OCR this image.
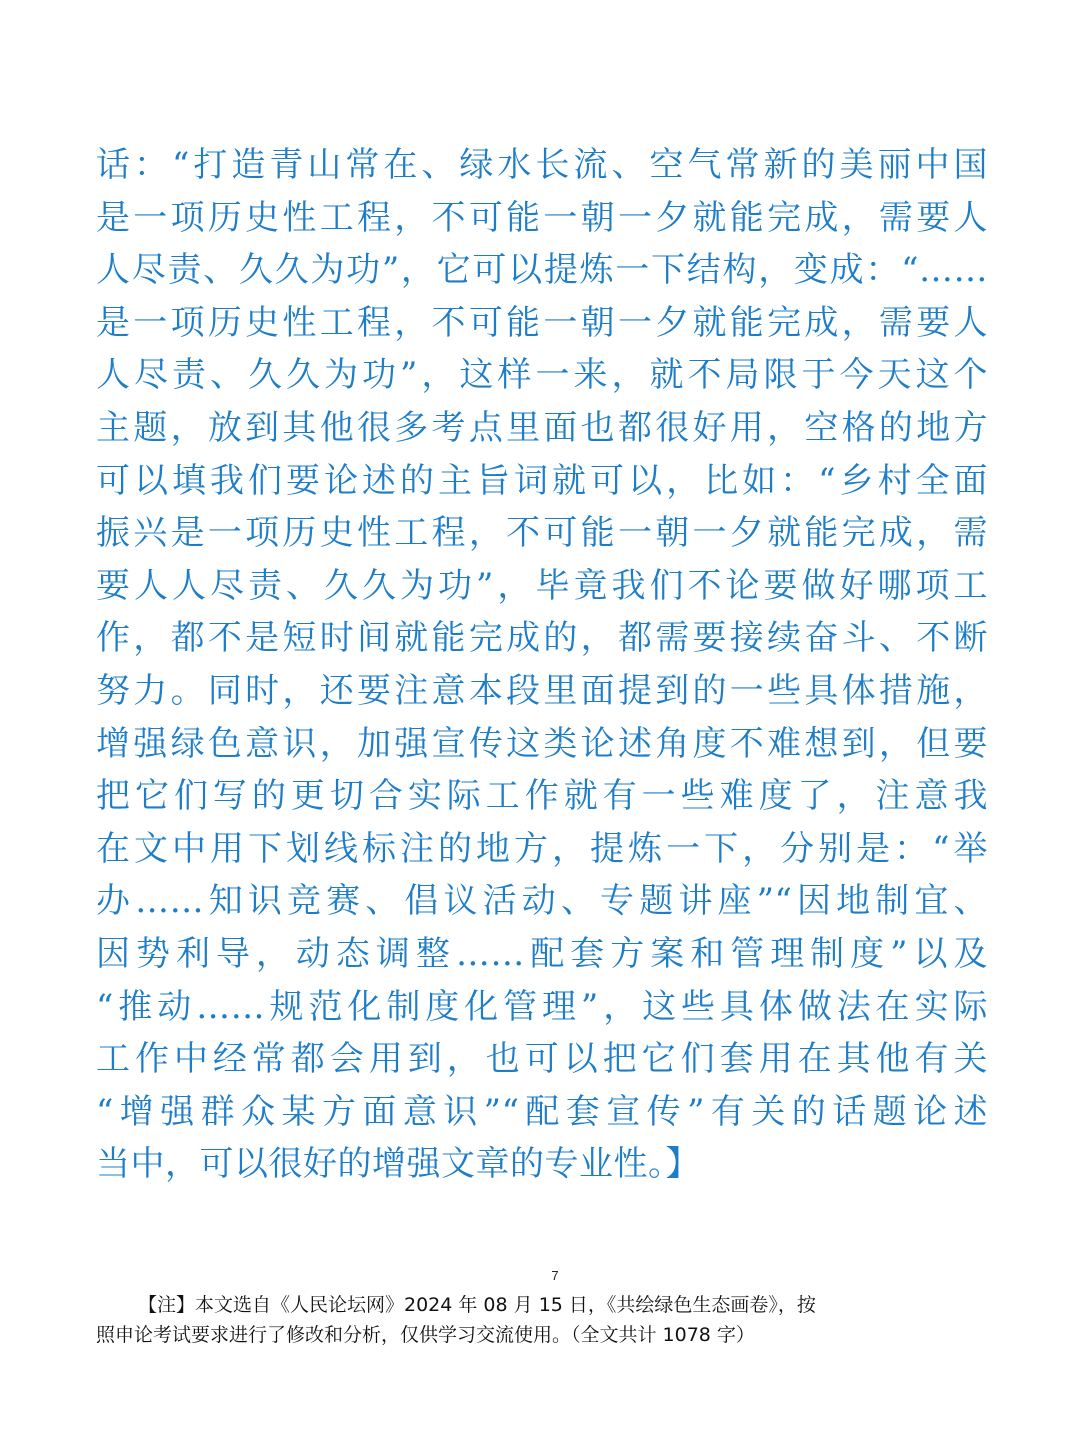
话：“打造青山常在、绿水长流、空气常新的美丽中国
是一项历史性工程，不可能一朝一夕就能完成，需要人
人尽责、久久为功”，它可以提炼一下结构，变成：“……
是一项历史性工程，不可能一朝一夕就能完成，需要人
人尽责、久久为功”，这样一来，就不局限于今天这个
主题，放到其他很多考点里面也都很好用，空格的地方
可以填我们要论述的主旨词就可以，比如：“乡村全面
振兴是一项历史性工程，不可能一朝一夕就能完成，需
要人人尽责、久久为功”，毕竟我们不论要做好哪项工
作，都不是短时间就能完成的，都需要接续奋斗、不断
努力。同时，还要注意本段里面提到的一些具体措施，
增强绿色意识，加强宣传这类论述角度不难想到，但要
把它们写的更切合实际工作就有一些难度了，注意我
在文中用下划线标注的地方，提炼一下，分别是：“举
办……知识竞赛、倡议活动、专题讲座”“因地制宜、
因势利导，动态调整……配套方案和管理制度”以及
“推动……规范化制度化管理”，这些具体做法在实际
工作中经常都会用到，也可以把它们套用在其他有关
“增强群众某方面意识”“配套宣传”有关的话题论述
当中，可以很好的增强文章的专业性。】
7
【注】本文选自《人民论坛网》2024 年 08 月 15 日，《共绘绿色生态画卷》，按
照申论考试要求进行了修改和分析，仅供学习交流使用。（全文共计 1078 字）
